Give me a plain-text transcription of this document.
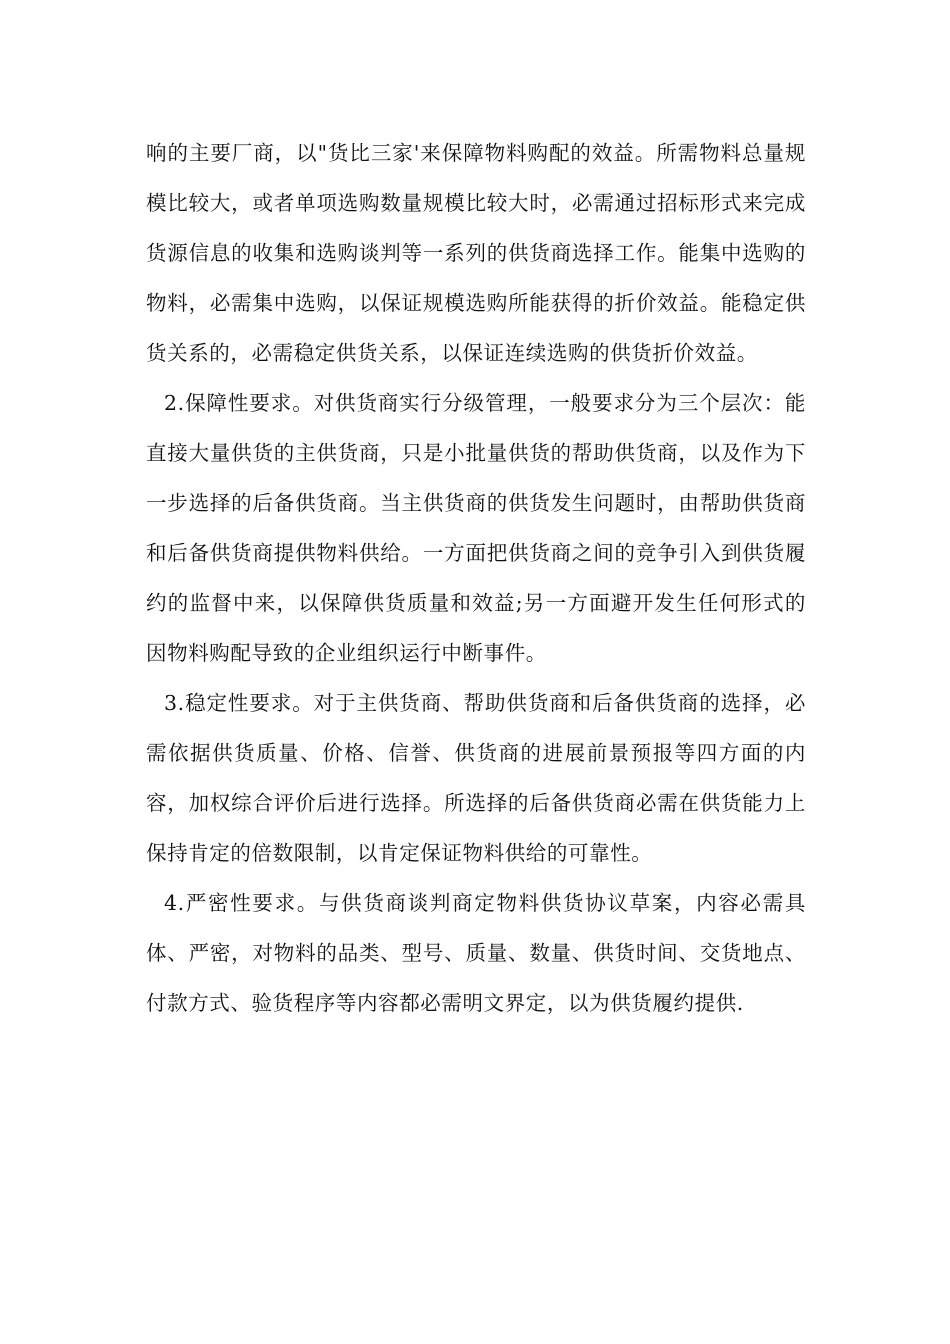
响的主要厂商，以"货比三家'来保障物料购配的效益。所需物料总量规模比较大，或者单项选购数量规模比较大时，必需通过招标形式来完成货源信息的收集和选购谈判等一系列的供货商选择工作。能集中选购的物料，必需集中选购，以保证规模选购所能获得的折价效益。能稳定供货关系的，必需稳定供货关系，以保证连续选购的供货折价效益。

2.保障性要求。对供货商实行分级管理，一般要求分为三个层次：能直接大量供货的主供货商，只是小批量供货的帮助供货商，以及作为下一步选择的后备供货商。当主供货商的供货发生问题时，由帮助供货商和后备供货商提供物料供给。一方面把供货商之间的竞争引入到供货履约的监督中来，以保障供货质量和效益;另一方面避开发生任何形式的因物料购配导致的企业组织运行中断事件。

3.稳定性要求。对于主供货商、帮助供货商和后备供货商的选择，必需依据供货质量、价格、信誉、供货商的进展前景预报等四方面的内容，加权综合评价后进行选择。所选择的后备供货商必需在供货能力上保持肯定的倍数限制，以肯定保证物料供给的可靠性。

4.严密性要求。与供货商谈判商定物料供货协议草案，内容必需具体、严密，对物料的品类、型号、质量、数量、供货时间、交货地点、付款方式、验货程序等内容都必需明文界定，以为供货履约提供.
